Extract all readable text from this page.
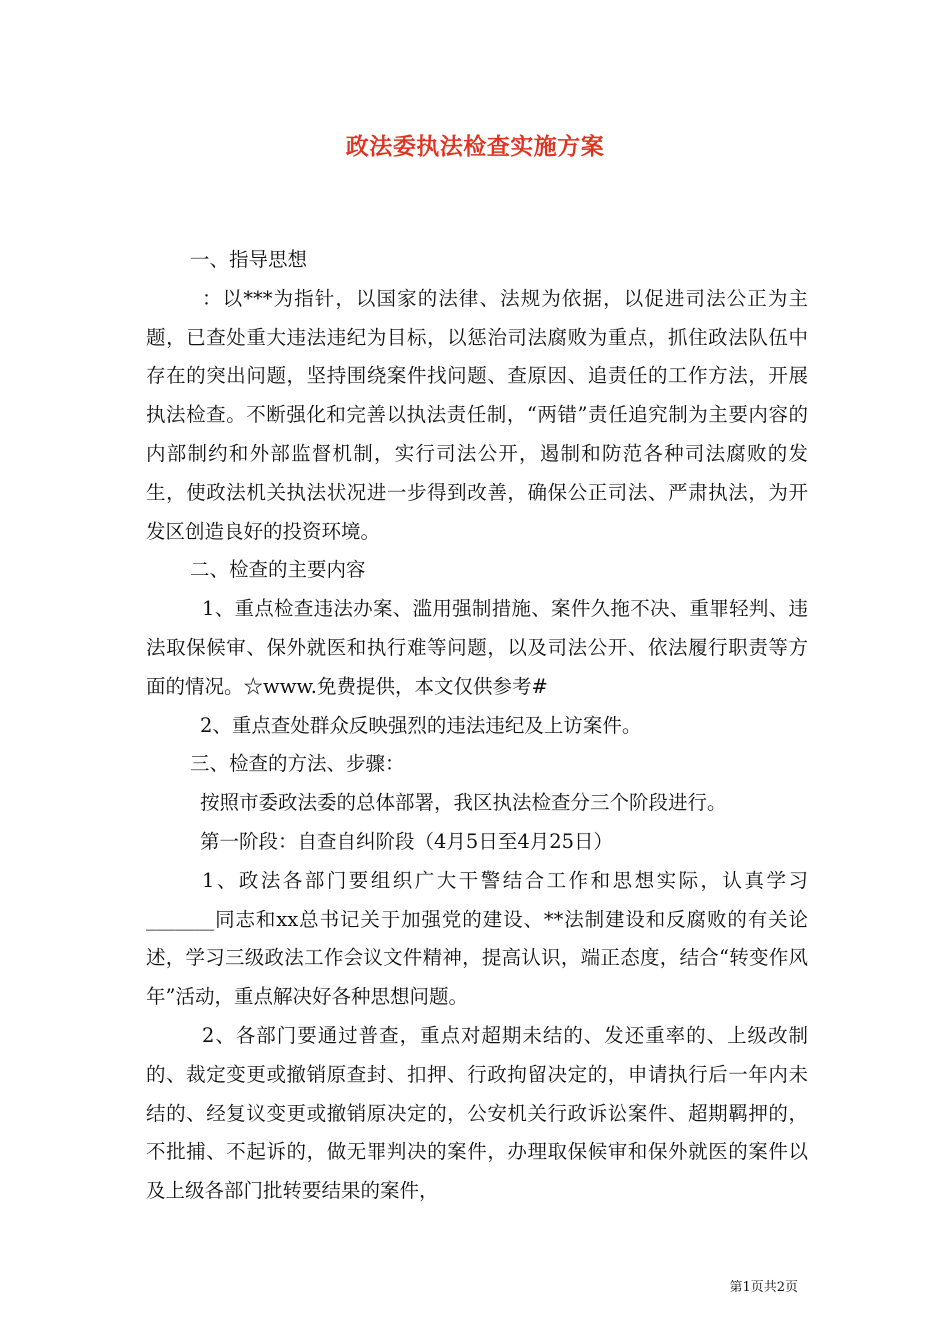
政法委执法检查实施方案

一、指导思想

：以***为指针，以国家的法律、法规为依据，以促进司法公正为主题，已查处重大违法违纪为目标，以惩治司法腐败为重点，抓住政法队伍中存在的突出问题，坚持围绕案件找问题、查原因、追责任的工作方法，开展执法检查。不断强化和完善以执法责任制，“两错”责任追究制为主要内容的内部制约和外部监督机制，实行司法公开，遏制和防范各种司法腐败的发生，使政法机关执法状况进一步得到改善，确保公正司法、严肃执法，为开发区创造良好的投资环境。

二、检查的主要内容

1、重点检查违法办案、滥用强制措施、案件久拖不决、重罪轻判、违法取保候审、保外就医和执行难等问题，以及司法公开、依法履行职责等方面的情况。☆www.免费提供，本文仅供参考#

2、重点查处群众反映强烈的违法违纪及上访案件。

三、检查的方法、步骤：

按照市委政法委的总体部署，我区执法检查分三个阶段进行。

第一阶段：自查自纠阶段（4月5日至4月25日）

1、政法各部门要组织广大干警结合工作和思想实际，认真学习_______同志和xx总书记关于加强党的建设、**法制建设和反腐败的有关论述，学习三级政法工作会议文件精神，提高认识，端正态度，结合“转变作风年”活动，重点解决好各种思想问题。

2、各部门要通过普查，重点对超期未结的、发还重率的、上级改制的、裁定变更或撤销原查封、扣押、行政拘留决定的，申请执行后一年内未结的、经复议变更或撤销原决定的，公安机关行政诉讼案件、超期羁押的，不批捕、不起诉的，做无罪判决的案件，办理取保候审和保外就医的案件以及上级各部门批转要结果的案件，

第1页共2页
